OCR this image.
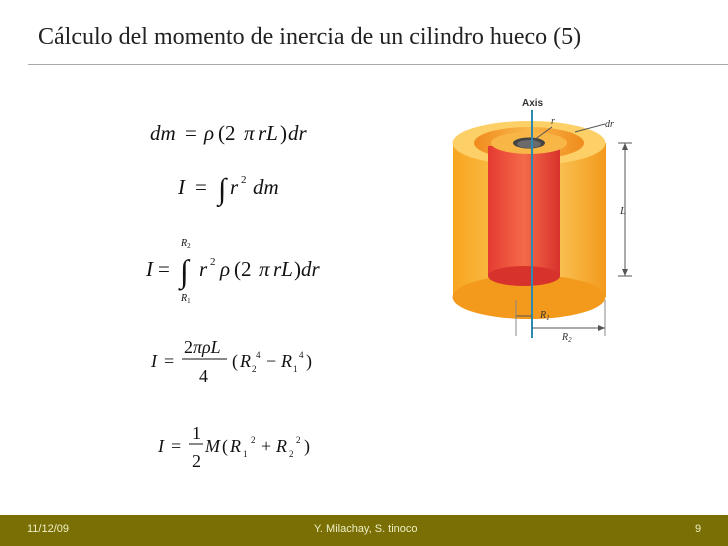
Cálculo del momento de inercia de un cilindro hueco (5)
dm = ρ (2 π rL ) dr
I = ∫ r 2 dm
$R_2$
I = ∫
$R_1$
r 2 ρ (2 π rL ) dr
I =
2πρL
4
( R 2
4 − R 1
4 )
I =
1
2
M ( R 1
2 + R 2
2 )
Axis
r	dr
L
$R_1$
$R_2$
11/12/09	Y. Milachay, S. tinoco	9
